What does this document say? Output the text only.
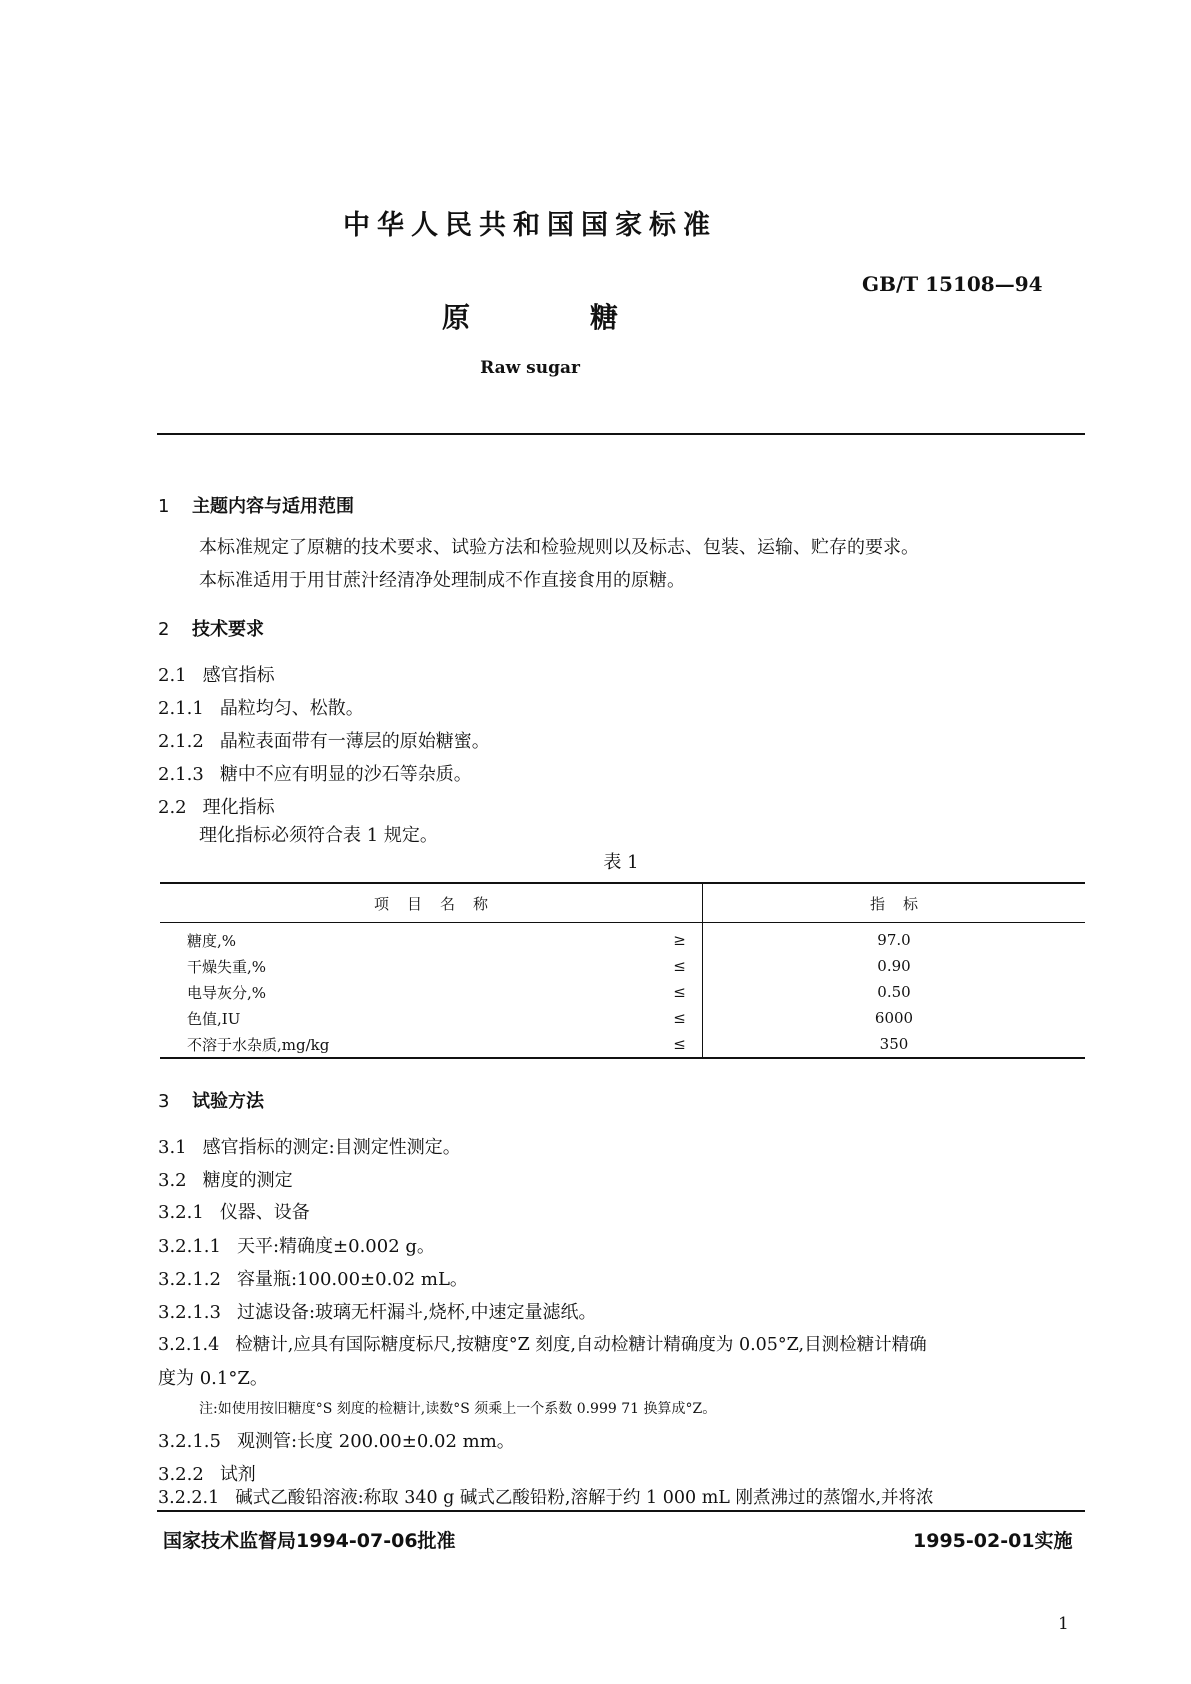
中华人民共和国国家标准
GB/T 15108—94
原糖
Raw sugar
1 主题内容与适用范围
本标准规定了原糖的技术要求、试验方法和检验规则以及标志、包装、运输、贮存的要求。
本标准适用于用甘蔗汁经清净处理制成不作直接食用的原糖。
2 技术要求
2.1 感官指标
2.1.1 晶粒均匀、松散。
2.1.2 晶粒表面带有一薄层的原始糖蜜。
2.1.3 糖中不应有明显的沙石等杂质。
2.2 理化指标
理化指标必须符合表 1 规定。
表 1
项目名称		指标
糖度,%	≥	97.0
干燥失重,%	≤	0.90
电导灰分,%	≤	0.50
色值,IU	≤	6000
不溶于水杂质,mg/kg	≤	350
3 试验方法
3.1 感官指标的测定:目测定性测定。
3.2 糖度的测定
3.2.1 仪器、设备
3.2.1.1 天平:精确度±0.002 g。
3.2.1.2 容量瓶:100.00±0.02 mL。
3.2.1.3 过滤设备:玻璃无杆漏斗,烧杯,中速定量滤纸。
3.2.1.4 检糖计,应具有国际糖度标尺,按糖度°Z 刻度,自动检糖计精确度为 0.05°Z,目测检糖计精确
度为 0.1°Z。
注:如使用按旧糖度°S 刻度的检糖计,读数°S 须乘上一个系数 0.999 71 换算成°Z。
3.2.1.5 观测管:长度 200.00±0.02 mm。
3.2.2 试剂
3.2.2.1 碱式乙酸铅溶液:称取 340 g 碱式乙酸铅粉,溶解于约 1 000 mL 刚煮沸过的蒸馏水,并将浓
国家技术监督局1994-07-06批准	1995-02-01实施
1
